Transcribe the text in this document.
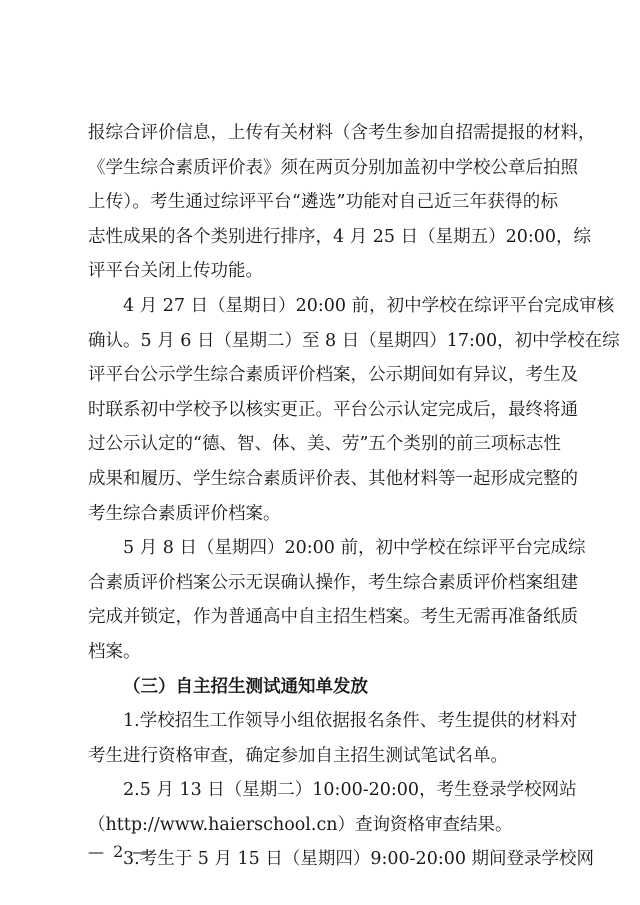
报综合评价信息，上传有关材料（含考生参加自招需提报的材料，
《学生综合素质评价表》须在两页分别加盖初中学校公章后拍照
上传）。考生通过综评平台“遴选”功能对自己近三年获得的标
志性成果的各个类别进行排序，4 月 25 日（星期五）20:00，综
评平台关闭上传功能。
4 月 27 日（星期日）20:00 前，初中学校在综评平台完成审核
确认。5 月 6 日（星期二）至 8 日（星期四）17:00，初中学校在综
评平台公示学生综合素质评价档案，公示期间如有异议，考生及
时联系初中学校予以核实更正。平台公示认定完成后，最终将通
过公示认定的“德、智、体、美、劳”五个类别的前三项标志性
成果和履历、学生综合素质评价表、其他材料等一起形成完整的
考生综合素质评价档案。
5 月 8 日（星期四）20:00 前，初中学校在综评平台完成综
合素质评价档案公示无误确认操作，考生综合素质评价档案组建
完成并锁定，作为普通高中自主招生档案。考生无需再准备纸质
档案。
（三）自主招生测试通知单发放
1.学校招生工作领导小组依据报名条件、考生提供的材料对
考生进行资格审查，确定参加自主招生测试笔试名单。
2.5 月 13 日（星期二）10:00-20:00，考生登录学校网站
（http://www.haierschool.cn）查询资格审查结果。
3.考生于 5 月 15 日（星期四）9:00-20:00 期间登录学校网
— 2 —
